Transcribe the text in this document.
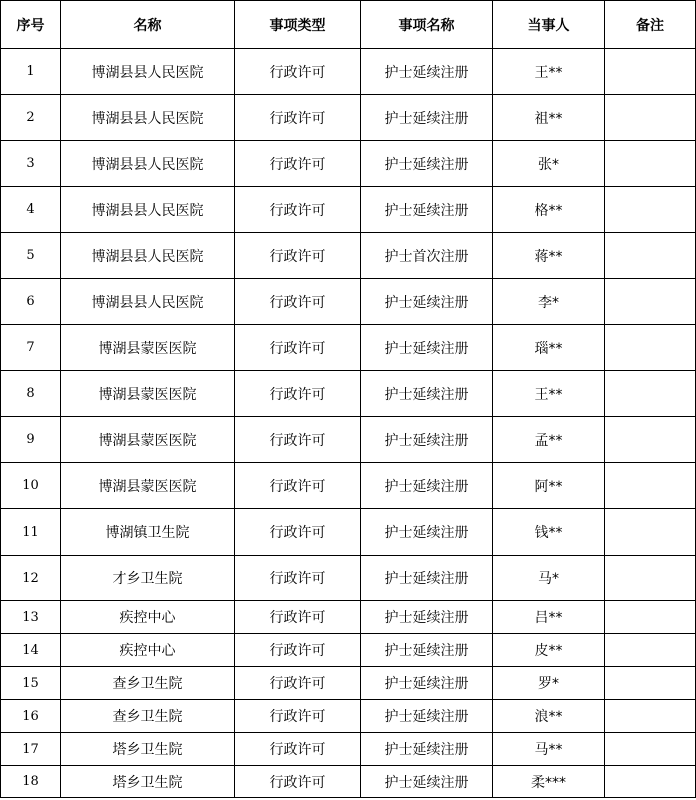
序号	名称	事项类型	事项名称	当事人	备注
1	博湖县县人民医院	行政许可	护士延续注册	王**	
2	博湖县县人民医院	行政许可	护士延续注册	祖**	
3	博湖县县人民医院	行政许可	护士延续注册	张*	
4	博湖县县人民医院	行政许可	护士延续注册	格**	
5	博湖县县人民医院	行政许可	护士首次注册	蒋**	
6	博湖县县人民医院	行政许可	护士延续注册	李*	
7	博湖县蒙医医院	行政许可	护士延续注册	瑙**	
8	博湖县蒙医医院	行政许可	护士延续注册	王**	
9	博湖县蒙医医院	行政许可	护士延续注册	孟**	
10	博湖县蒙医医院	行政许可	护士延续注册	阿**	
11	博湖镇卫生院	行政许可	护士延续注册	钱**	
12	才乡卫生院	行政许可	护士延续注册	马*	
13	疾控中心	行政许可	护士延续注册	吕**	
14	疾控中心	行政许可	护士延续注册	皮**	
15	查乡卫生院	行政许可	护士延续注册	罗*	
16	查乡卫生院	行政许可	护士延续注册	浪**	
17	塔乡卫生院	行政许可	护士延续注册	马**	
18	塔乡卫生院	行政许可	护士延续注册	柔***	
